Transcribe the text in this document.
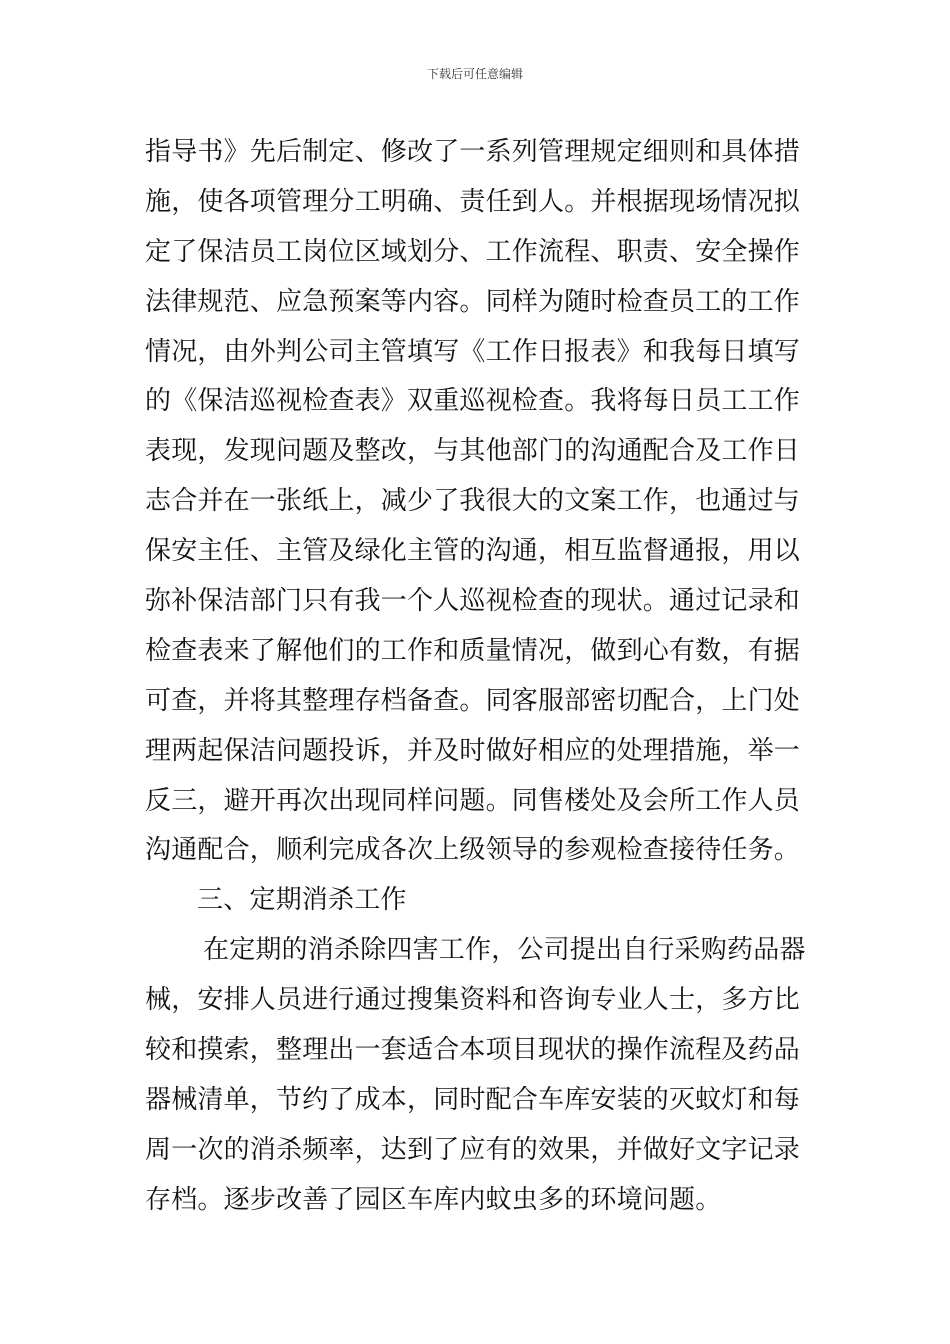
下载后可任意编辑
指导书》先后制定、修改了一系列管理规定细则和具体措
施，使各项管理分工明确、责任到人。并根据现场情况拟
定了保洁员工岗位区域划分、工作流程、职责、安全操作
法律规范、应急预案等内容。同样为随时检查员工的工作
情况，由外判公司主管填写《工作日报表》和我每日填写
的《保洁巡视检查表》双重巡视检查。我将每日员工工作
表现，发现问题及整改，与其他部门的沟通配合及工作日
志合并在一张纸上，减少了我很大的文案工作，也通过与
保安主任、主管及绿化主管的沟通，相互监督通报，用以
弥补保洁部门只有我一个人巡视检查的现状。通过记录和
检查表来了解他们的工作和质量情况，做到心有数，有据
可查，并将其整理存档备查。同客服部密切配合，上门处
理两起保洁问题投诉，并及时做好相应的处理措施，举一
反三，避开再次出现同样问题。同售楼处及会所工作人员
沟通配合，顺利完成各次上级领导的参观检查接待任务。
三、定期消杀工作
在定期的消杀除四害工作，公司提出自行采购药品器
械，安排人员进行通过搜集资料和咨询专业人士，多方比
较和摸索，整理出一套适合本项目现状的操作流程及药品
器械清单，节约了成本，同时配合车库安装的灭蚊灯和每
周一次的消杀频率，达到了应有的效果，并做好文字记录
存档。逐步改善了园区车库内蚊虫多的环境问题。
